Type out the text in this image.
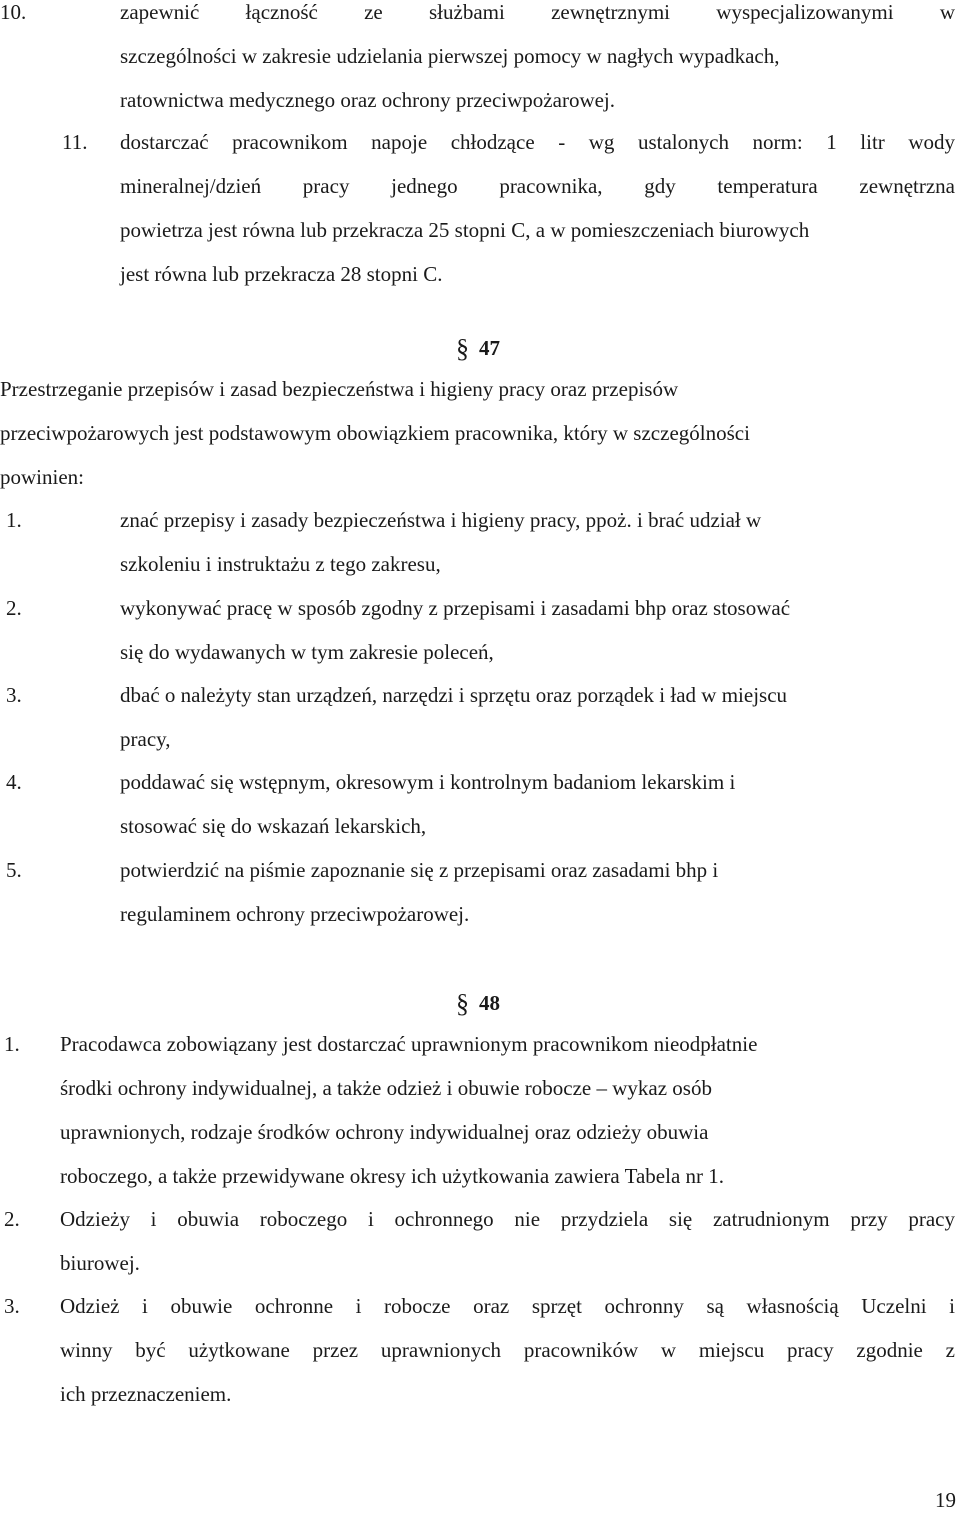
10.	zapewnić łączność ze służbami zewnętrznymi wyspecjalizowanymi w
szczególności w zakresie udzielania pierwszej pomocy w nagłych wypadkach,
ratownictwa medycznego oraz ochrony przeciwpożarowej.
11. dostarczać pracownikom napoje chłodzące - wg ustalonych norm: 1 litr wody
mineralnej/dzień pracy jednego pracownika, gdy temperatura zewnętrzna
powietrza jest równa lub przekracza 25 stopni C, a w pomieszczeniach biurowych
jest równa lub przekracza 28 stopni C.
§ 47
Przestrzeganie przepisów i zasad bezpieczeństwa i higieny pracy oraz przepisów
przeciwpożarowych jest podstawowym obowiązkiem pracownika, który w szczególności
powinien:
1.	znać przepisy i zasady bezpieczeństwa i higieny pracy, ppoż. i brać udział w
szkoleniu i instruktażu z tego zakresu,
2.	wykonywać pracę w sposób zgodny z przepisami i zasadami bhp oraz stosować
się do wydawanych w tym zakresie poleceń,
3.	dbać o należyty stan urządzeń, narzędzi i sprzętu oraz porządek i ład w miejscu
pracy,
4.	poddawać się wstępnym, okresowym i kontrolnym badaniom lekarskim i
stosować się do wskazań lekarskich,
5.	potwierdzić na piśmie zapoznanie się z przepisami oraz zasadami bhp i
regulaminem ochrony przeciwpożarowej.
§ 48
1. Pracodawca zobowiązany jest dostarczać uprawnionym pracownikom nieodpłatnie
środki ochrony indywidualnej, a także odzież i obuwie robocze – wykaz osób
uprawnionych, rodzaje środków ochrony indywidualnej oraz odzieży obuwia
roboczego, a także przewidywane okresy ich użytkowania zawiera Tabela nr 1.
2. Odzieży i obuwia roboczego i ochronnego nie przydziela się zatrudnionym przy pracy
biurowej.
3. Odzież i obuwie ochronne i robocze oraz sprzęt ochronny są własnością Uczelni i
winny być użytkowane przez uprawnionych pracowników w miejscu pracy zgodnie z
ich przeznaczeniem.
19
